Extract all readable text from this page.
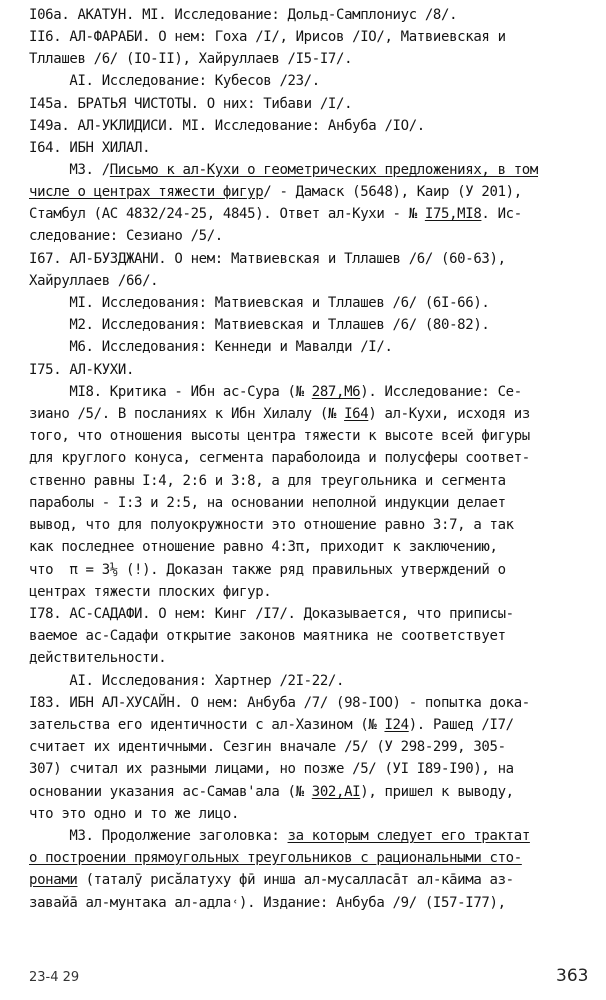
I06a. АКАТУН. MI. Исследование: Дольд-Самплониус /8/.
II6. АЛ-ФАРАБИ. О нем: Гоха /I/, Ирисов /IO/, Матвиевская и
Тллашев /6/ (IO-II), Хайруллаев /I5-I7/.
AI. Исследование: Кубесов /23/.
I45a. БРАТЬЯ ЧИСТОТЫ. О них: Тибави /I/.
I49a. АЛ-УКЛИДИСИ. MI. Исследование: Анбуба /IO/.
I64. ИБН ХИЛАЛ.
MЗ. /Письмо к ал-Кухи о геометрических предложениях, в том
числе о центрах тяжести фигур/ - Дамаск (5648), Каир (У 201),
Стамбул (АС 4832/24-25, 4845). Ответ ал-Кухи - № I75,MI8. Ис-
следование: Сезиано /5/.
I67. АЛ-БУЗДЖАНИ. О нем: Матвиевская и Тллашев /6/ (60-63),
Хайруллаев /66/.
MI. Исследования: Матвиевская и Тллашев /6/ (6I-66).
M2. Исследования: Матвиевская и Тллашев /6/ (80-82).
M6. Исследования: Кеннеди и Мавалди /I/.
I75. АЛ-КУХИ.
MI8. Критика - Ибн ас-Сура (№ 287,M6). Исследование: Се-
зиано /5/. В посланиях к Ибн Хилалу (№ I64) ал-Кухи, исходя из
того, что отношения высоты центра тяжести к высоте всей фигуры
для круглого конуса, сегмента параболоида и полусферы соответ-
ственно равны I:4, 2:6 и 3:8, а для треугольника и сегмента
параболы - I:3 и 2:5, на основании неполной индукции делает
вывод, что для полуокружности это отношение равно 3:7, а так
как последнее отношение равно 4:3π, приходит к заключению,
что  π = 3⅑ (!). Доказан также ряд правильных утверждений о
центрах тяжести плоских фигур.
I78. АС-САДАФИ. О нем: Кинг /I7/. Доказывается, что приписы-
ваемое ас-Садафи открытие законов маятника не соответствует
действительности.
AI. Исследования: Хартнер /2I-22/.
I83. ИБН АЛ-ХУСАЙН. О нем: Анбуба /7/ (98-IOO) - попытка дока-
зательства его идентичности с ал-Хазином (№ I24). Рашед /I7/
считает их идентичными. Сезгин вначале /5/ (У 298-299, 305-
307) считал их разными лицами, но позже /5/ (УI I89-I90), на
основании указания ас-Самав'ала (№ 302,AI), пришел к выводу,
что это одно и то же лицо.
MЗ. Продолжение заголовка: за которым следует его трактат
о построении прямоугольных треугольников с рациональными сто-
ронами (таталӯ рисӑлатуху фӣ инша ал-мусалласа̄т ал-ка̄има аз-
завайа̄ ал-мунтака ал-адла˓). Издание: Анбуба /9/ (I57-I77),
23-4 29	363
